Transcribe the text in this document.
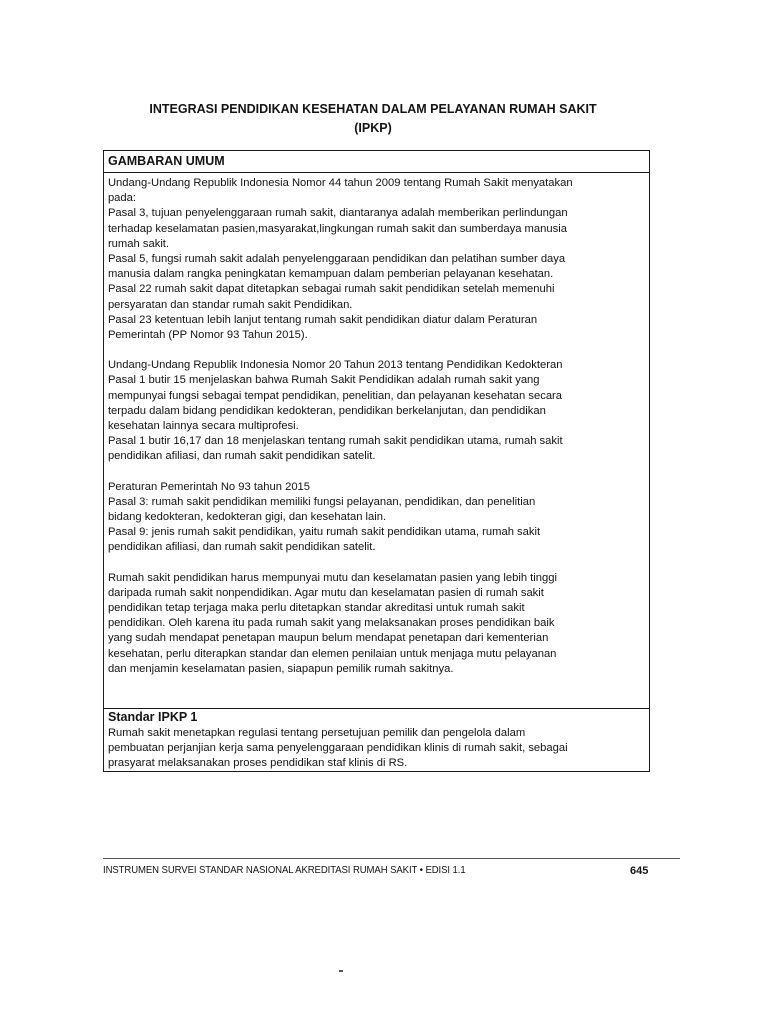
INTEGRASI PENDIDIKAN KESEHATAN DALAM PELAYANAN RUMAH SAKIT
(IPKP)
GAMBARAN UMUM
Undang-Undang Republik Indonesia Nomor 44 tahun 2009 tentang Rumah Sakit menyatakan
pada:
Pasal 3, tujuan penyelenggaraan rumah sakit, diantaranya adalah memberikan perlindungan
terhadap keselamatan pasien,masyarakat,lingkungan rumah sakit dan sumberdaya manusia
rumah sakit.
Pasal 5, fungsi rumah sakit adalah penyelenggaraan pendidikan dan pelatihan sumber daya
manusia dalam rangka peningkatan kemampuan dalam pemberian pelayanan kesehatan.
Pasal 22 rumah sakit dapat ditetapkan sebagai rumah sakit pendidikan setelah memenuhi
persyaratan dan standar rumah sakit Pendidikan.
Pasal 23 ketentuan lebih lanjut tentang rumah sakit pendidikan diatur dalam Peraturan
Pemerintah (PP Nomor 93 Tahun 2015).
Undang-Undang Republik Indonesia Nomor 20 Tahun 2013 tentang Pendidikan Kedokteran
Pasal 1 butir 15 menjelaskan bahwa Rumah Sakit Pendidikan adalah rumah sakit yang
mempunyai fungsi sebagai tempat pendidikan, penelitian, dan pelayanan kesehatan secara
terpadu dalam bidang pendidikan kedokteran, pendidikan berkelanjutan, dan pendidikan
kesehatan lainnya secara multiprofesi.
Pasal 1 butir 16,17 dan 18 menjelaskan tentang rumah sakit pendidikan utama, rumah sakit
pendidikan afiliasi, dan rumah sakit pendidikan satelit.
Peraturan Pemerintah No 93 tahun 2015
Pasal 3: rumah sakit pendidikan memiliki fungsi pelayanan, pendidikan, dan penelitian
bidang kedokteran, kedokteran gigi, dan kesehatan lain.
Pasal 9: jenis rumah sakit pendidikan, yaitu rumah sakit pendidikan utama, rumah sakit
pendidikan afiliasi, dan rumah sakit pendidikan satelit.
Rumah sakit pendidikan harus mempunyai mutu dan keselamatan pasien yang lebih tinggi
daripada rumah sakit nonpendidikan. Agar mutu dan keselamatan pasien di rumah sakit
pendidikan tetap terjaga maka perlu ditetapkan standar akreditasi untuk rumah sakit
pendidikan. Oleh karena itu pada rumah sakit yang melaksanakan proses pendidikan baik
yang sudah mendapat penetapan maupun belum mendapat penetapan dari kementerian
kesehatan, perlu diterapkan standar dan elemen penilaian untuk menjaga mutu pelayanan
dan menjamin keselamatan pasien, siapapun pemilik rumah sakitnya.
Standar IPKP 1
Rumah sakit menetapkan regulasi tentang persetujuan pemilik dan pengelola dalam
pembuatan perjanjian kerja sama penyelenggaraan pendidikan klinis di rumah sakit, sebagai
prasyarat melaksanakan proses pendidikan staf klinis di RS.
INSTRUMEN SURVEI STANDAR NASIONAL AKREDITASI RUMAH SAKIT • EDISI 1.1	645
